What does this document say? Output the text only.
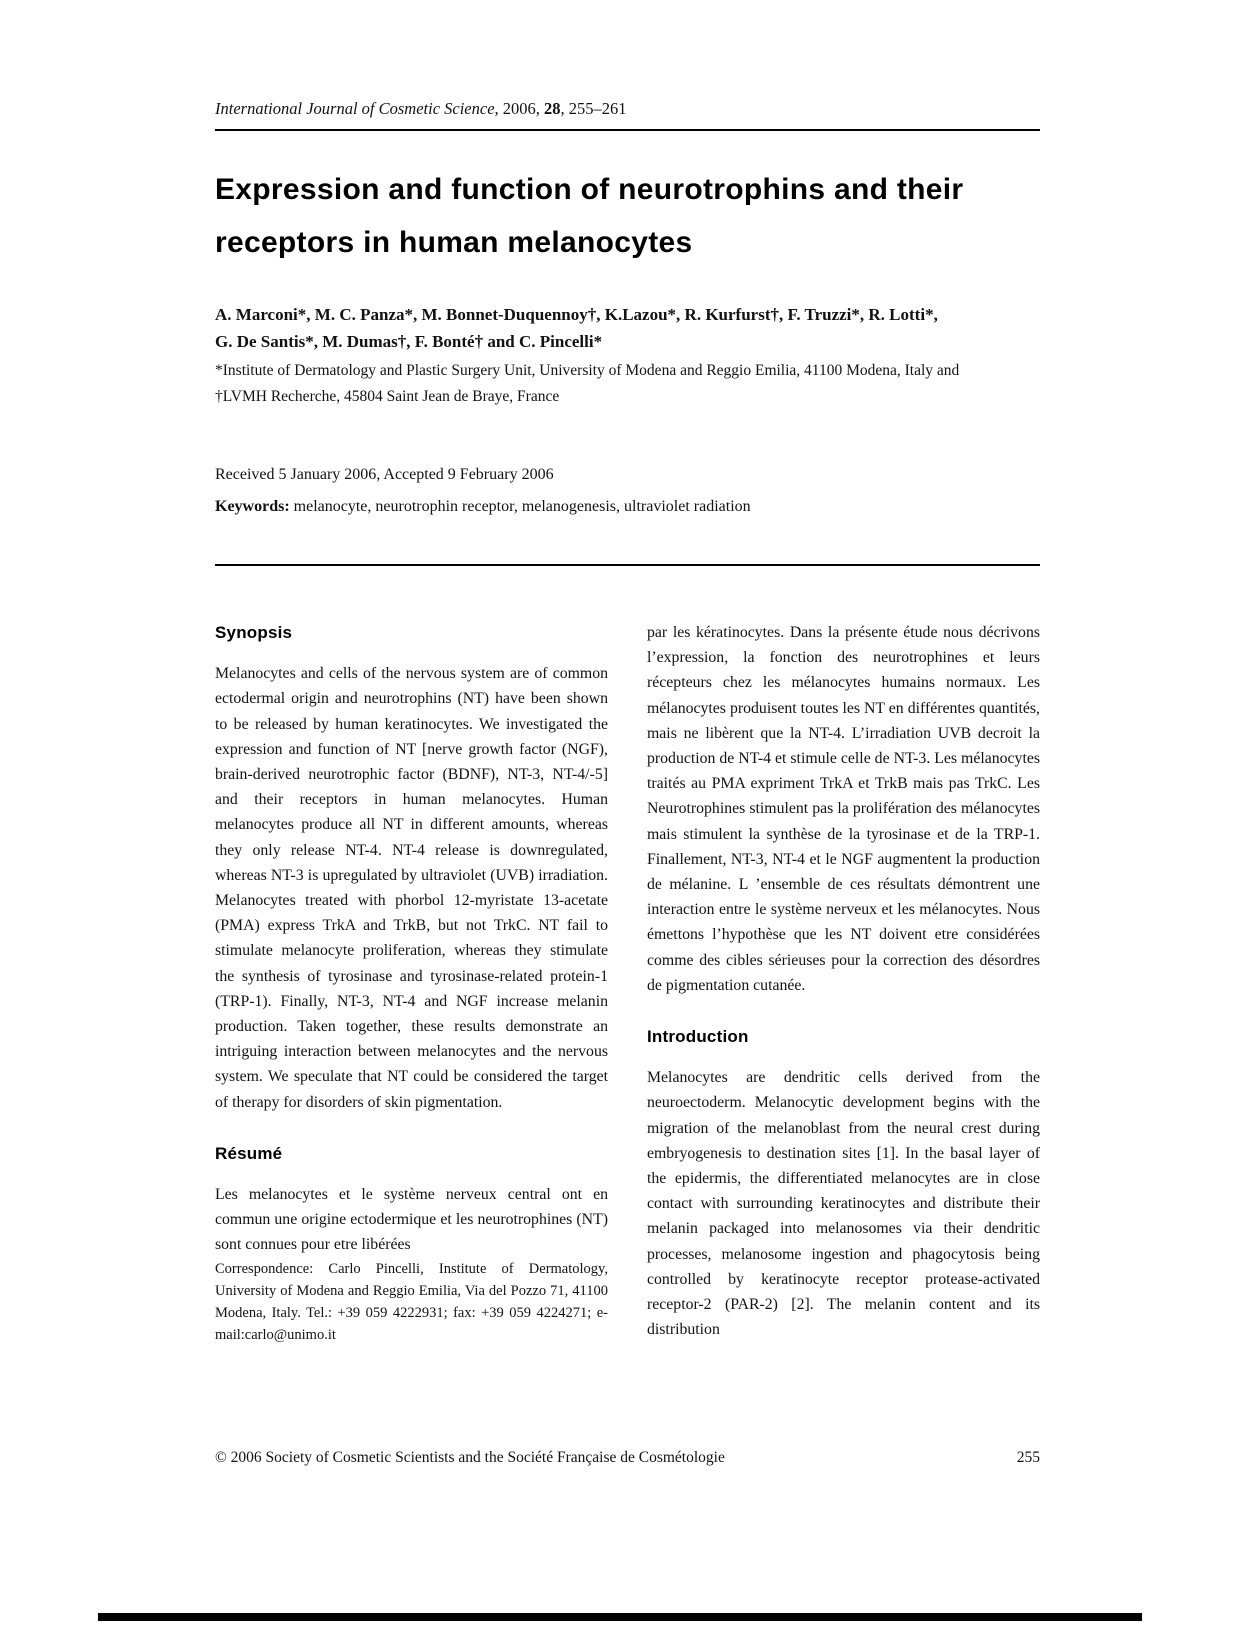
International Journal of Cosmetic Science, 2006, 28, 255–261
Expression and function of neurotrophins and their
receptors in human melanocytes
A. Marconi*, M. C. Panza*, M. Bonnet-Duquennoy†, K.Lazou*, R. Kurfurst†, F. Truzzi*, R. Lotti*,
G. De Santis*, M. Dumas†, F. Bonté† and C. Pincelli*
*Institute of Dermatology and Plastic Surgery Unit, University of Modena and Reggio Emilia, 41100 Modena, Italy and
†LVMH Recherche, 45804 Saint Jean de Braye, France
Received 5 January 2006, Accepted 9 February 2006
Keywords: melanocyte, neurotrophin receptor, melanogenesis, ultraviolet radiation
Synopsis

Melanocytes and cells of the nervous system are of common ectodermal origin and neurotrophins (NT) have been shown to be released by human keratinocytes. We investigated the expression and function of NT [nerve growth factor (NGF), brain-derived neurotrophic factor (BDNF), NT-3, NT-4/-5] and their receptors in human melanocytes. Human melanocytes produce all NT in different amounts, whereas they only release NT-4. NT-4 release is downregulated, whereas NT-3 is upregulated by ultraviolet (UVB) irradiation. Melanocytes treated with phorbol 12-myristate 13-acetate (PMA) express TrkA and TrkB, but not TrkC. NT fail to stimulate melanocyte proliferation, whereas they stimulate the synthesis of tyrosinase and tyrosinase-related protein-1 (TRP-1). Finally, NT-3, NT-4 and NGF increase melanin production. Taken together, these results demonstrate an intriguing interaction between melanocytes and the nervous system. We speculate that NT could be considered the target of therapy for disorders of skin pigmentation.

Résumé

Les melanocytes et le système nerveux central ont en commun une origine ectodermique et les neurotrophines (NT) sont connues pour etre libérées

Correspondence: Carlo Pincelli, Institute of Dermatology, University of Modena and Reggio Emilia, Via del Pozzo 71, 41100 Modena, Italy. Tel.: +39 059 4222931; fax: +39 059 4224271; e-mail:carlo@unimo.it

par les kératinocytes. Dans la présente étude nous décrivons l’expression, la fonction des neurotrophines et leurs récepteurs chez les mélanocytes humains normaux. Les mélanocytes produisent toutes les NT en différentes quantités, mais ne libèrent que la NT-4. L’irradiation UVB decroit la production de NT-4 et stimule celle de NT-3. Les mélanocytes traités au PMA expriment TrkA et TrkB mais pas TrkC. Les Neurotrophines stimulent pas la prolifération des mélanocytes mais stimulent la synthèse de la tyrosinase et de la TRP-1. Finallement, NT-3, NT-4 et le NGF augmentent la production de mélanine. L ’ensemble de ces résultats démontrent une interaction entre le système nerveux et les mélanocytes. Nous émettons l’hypothèse que les NT doivent etre considérées comme des cibles sérieuses pour la correction des désordres de pigmentation cutanée.

Introduction

Melanocytes are dendritic cells derived from the neuroectoderm. Melanocytic development begins with the migration of the melanoblast from the neural crest during embryogenesis to destination sites [1]. In the basal layer of the epidermis, the differentiated melanocytes are in close contact with surrounding keratinocytes and distribute their melanin packaged into melanosomes via their dendritic processes, melanosome ingestion and phagocytosis being controlled by keratinocyte receptor protease-activated receptor-2 (PAR-2) [2]. The melanin content and its distribution

© 2006 Society of Cosmetic Scientists and the Société Française de Cosmétologie	255
